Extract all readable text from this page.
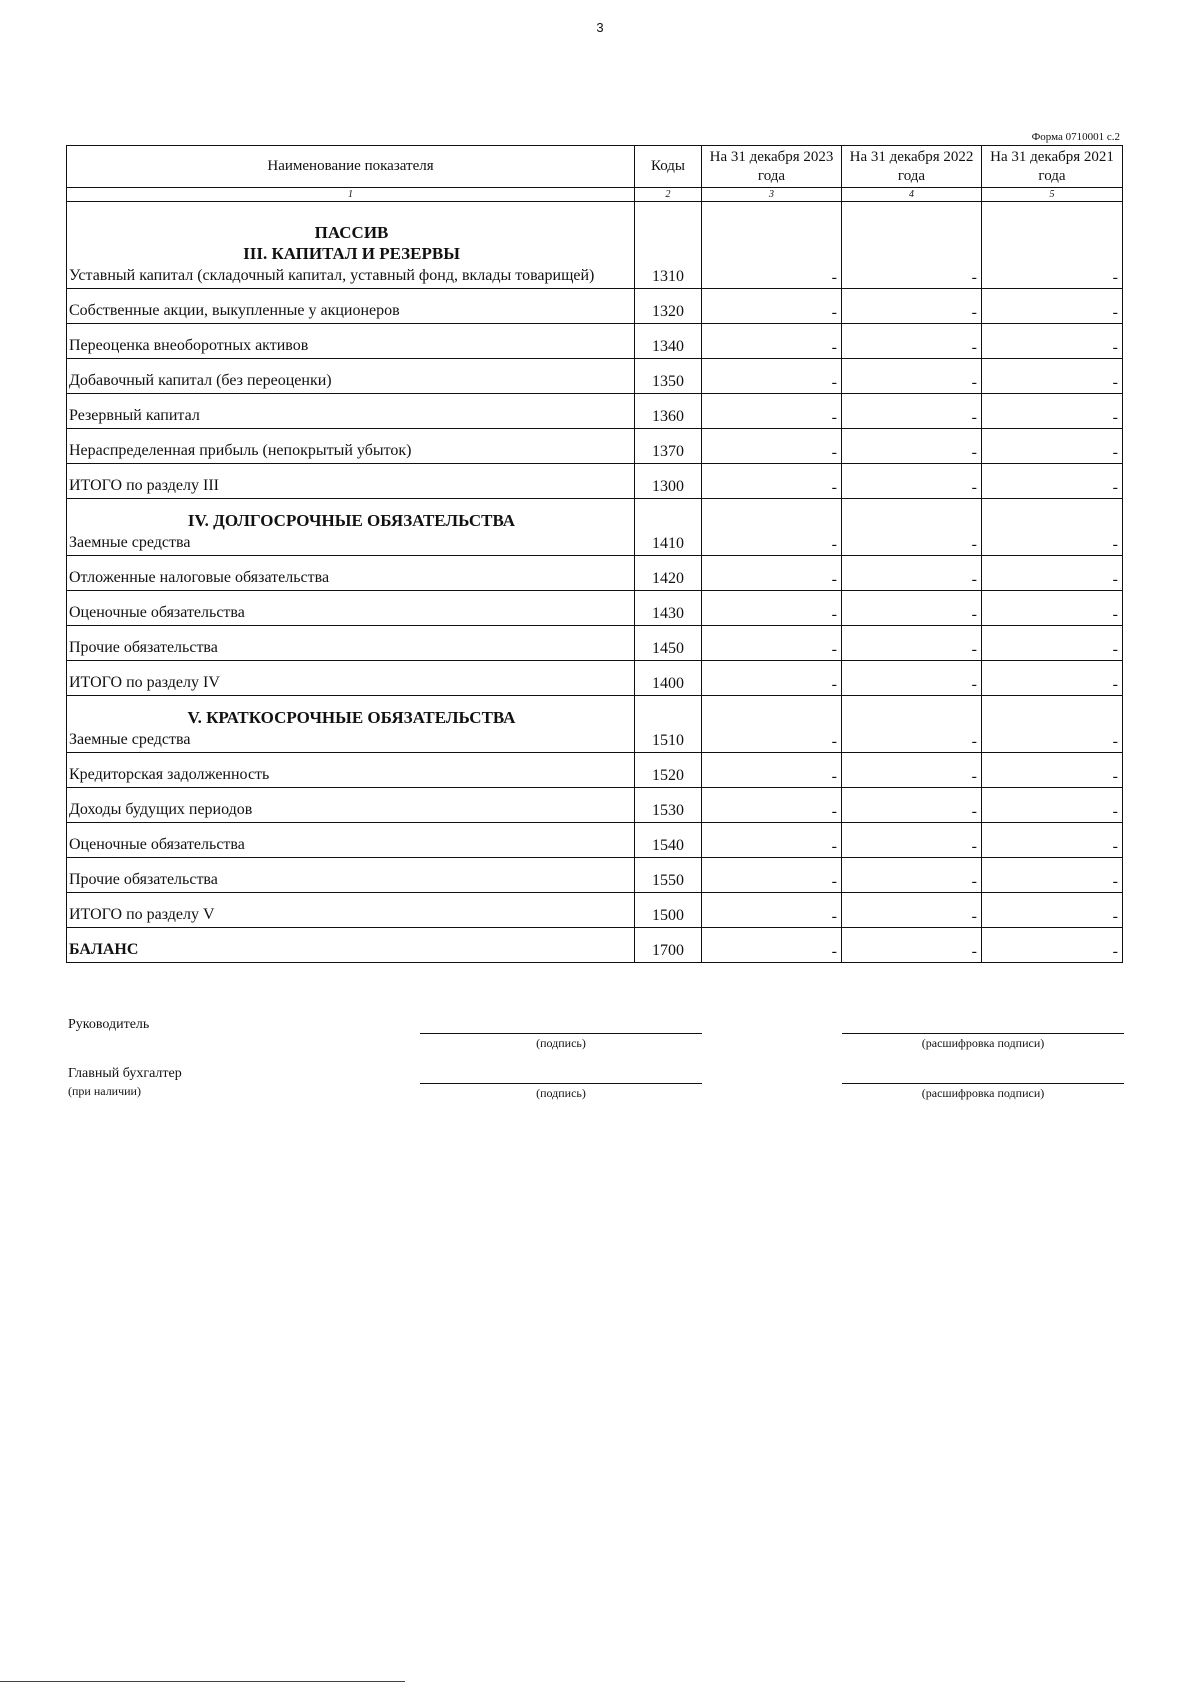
3
Форма 0710001 с.2
Наименование показателя	Коды	На 31 декабря 2023 года	На 31 декабря 2022 года	На 31 декабря 2021 года
1	2	3	4	5

ПАССИВ
III. КАПИТАЛ И РЕЗЕРВЫ
Уставный капитал (складочный капитал, уставный фонд, вклады товарищей)	1310	-	-	-

Собственные акции, выкупленные у акционеров	1320	-	-	-

Переоценка внеоборотных активов	1340	-	-	-

Добавочный капитал (без переоценки)	1350	-	-	-

Резервный капитал	1360	-	-	-

Нераспределенная прибыль (непокрытый убыток)	1370	-	-	-

ИТОГО по разделу III	1300	-	-	-

IV. ДОЛГОСРОЧНЫЕ ОБЯЗАТЕЛЬСТВА
Заемные средства	1410	-	-	-

Отложенные налоговые обязательства	1420	-	-	-

Оценочные обязательства	1430	-	-	-

Прочие обязательства	1450	-	-	-

ИТОГО по разделу IV	1400	-	-	-

V. КРАТКОСРОЧНЫЕ ОБЯЗАТЕЛЬСТВА
Заемные средства	1510	-	-	-

Кредиторская задолженность	1520	-	-	-

Доходы будущих периодов	1530	-	-	-

Оценочные обязательства	1540	-	-	-

Прочие обязательства	1550	-	-	-

ИТОГО по разделу V	1500	-	-	-

БАЛАНС	1700	-	-	-
Руководитель
(подпись)	(расшифровка подписи)
Главный бухгалтер
(при наличии)	(подпись)	(расшифровка подписи)
